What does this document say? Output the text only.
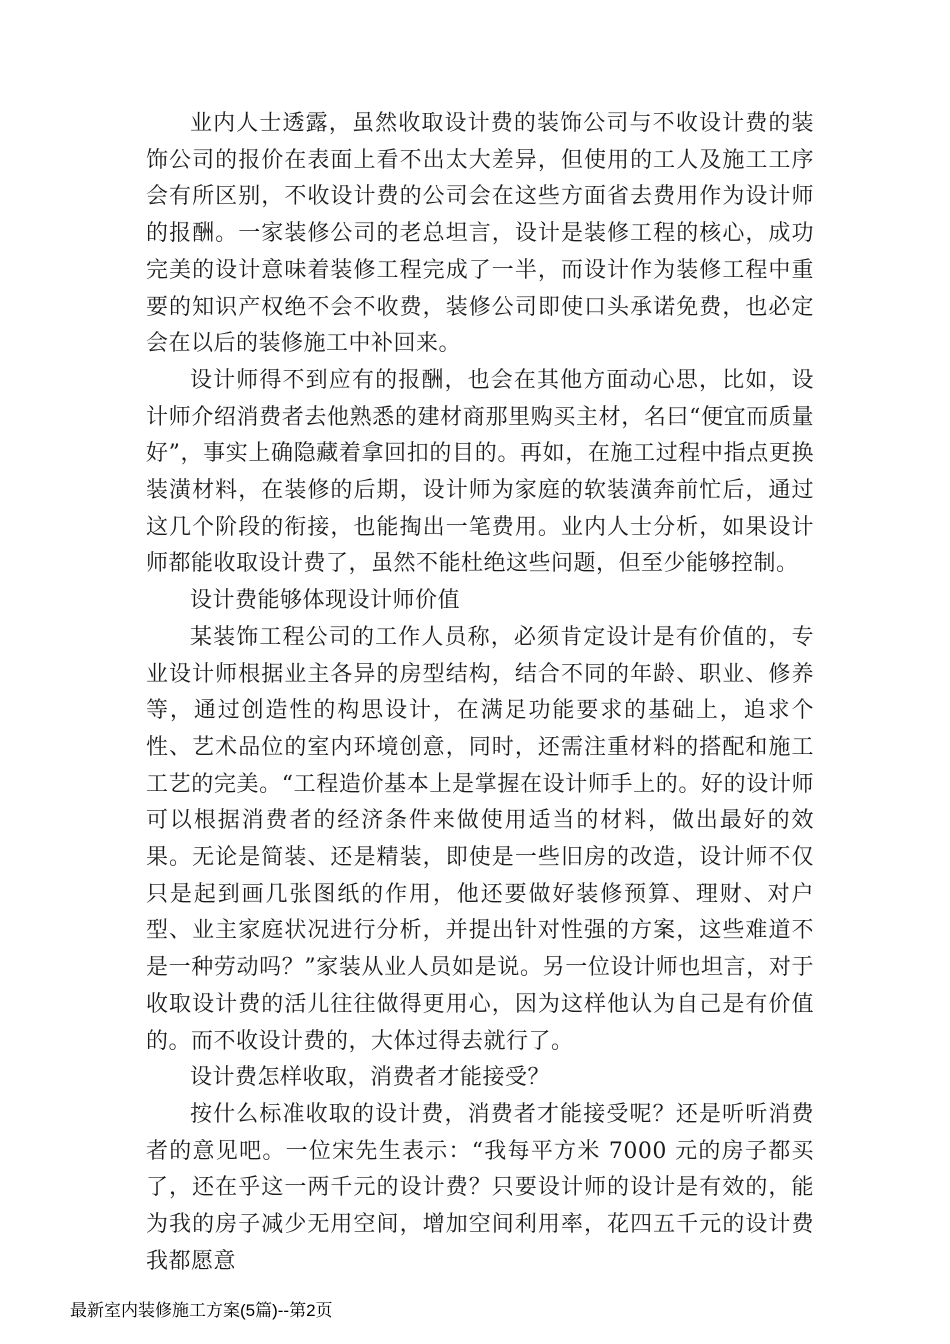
业内人士透露，虽然收取设计费的装饰公司与不收设计费的装饰公司的报价在表面上看不出太大差异，但使用的工人及施工工序会有所区别，不收设计费的公司会在这些方面省去费用作为设计师的报酬。一家装修公司的老总坦言，设计是装修工程的核心，成功完美的设计意味着装修工程完成了一半，而设计作为装修工程中重要的知识产权绝不会不收费，装修公司即使口头承诺免费，也必定会在以后的装修施工中补回来。

设计师得不到应有的报酬，也会在其他方面动心思，比如，设计师介绍消费者去他熟悉的建材商那里购买主材，名曰“便宜而质量好”，事实上确隐藏着拿回扣的目的。再如，在施工过程中指点更换装潢材料，在装修的后期，设计师为家庭的软装潢奔前忙后，通过这几个阶段的衔接，也能掏出一笔费用。业内人士分析，如果设计师都能收取设计费了，虽然不能杜绝这些问题，但至少能够控制。

设计费能够体现设计师价值

某装饰工程公司的工作人员称，必须肯定设计是有价值的，专业设计师根据业主各异的房型结构，结合不同的年龄、职业、修养等，通过创造性的构思设计，在满足功能要求的基础上，追求个性、艺术品位的室内环境创意，同时，还需注重材料的搭配和施工工艺的完美。“工程造价基本上是掌握在设计师手上的。好的设计师可以根据消费者的经济条件来做使用适当的材料，做出最好的效果。无论是简装、还是精装，即使是一些旧房的改造，设计师不仅只是起到画几张图纸的作用，他还要做好装修预算、理财、对户型、业主家庭状况进行分析，并提出针对性强的方案，这些难道不是一种劳动吗？”家装从业人员如是说。另一位设计师也坦言，对于收取设计费的活儿往往做得更用心，因为这样他认为自己是有价值的。而不收设计费的，大体过得去就行了。

设计费怎样收取，消费者才能接受？

按什么标准收取的设计费，消费者才能接受呢？还是听听消费者的意见吧。一位宋先生表示：“我每平方米 7000 元的房子都买了，还在乎这一两千元的设计费？只要设计师的设计是有效的，能为我的房子减少无用空间，增加空间利用率，花四五千元的设计费我都愿意

最新室内装修施工方案(5篇)--第2页
